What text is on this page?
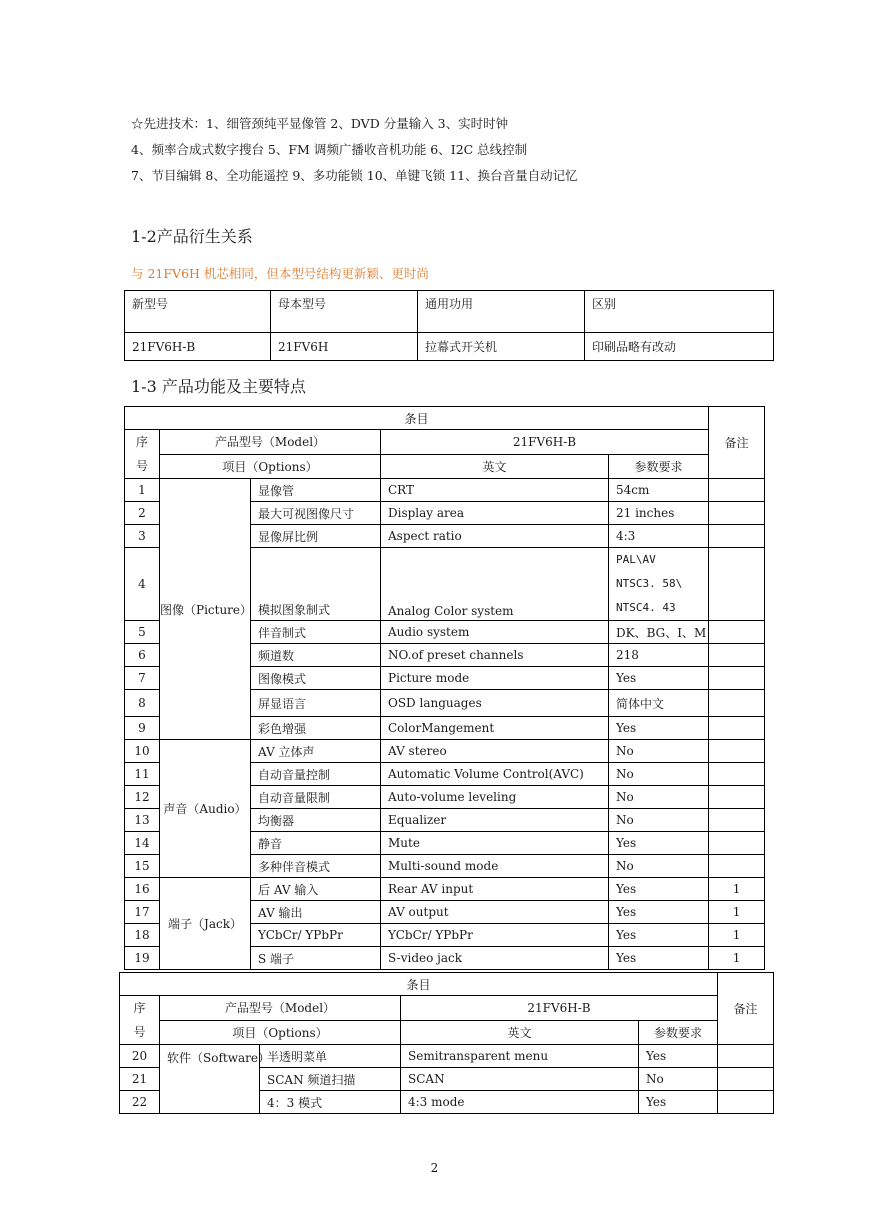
☆先进技术：1、细管颈纯平显像管 2、DVD 分量输入 3、实时时钟
4、频率合成式数字搜台 5、FM 调频广播收音机功能 6、I2C 总线控制
7、节目编辑 8、全功能遥控 9、多功能锁 10、单键飞锁 11、换台音量自动记忆
1-2产品衍生关系
与 21FV6H 机芯相同，但本型号结构更新颖、更时尚
新型号	母本型号	通用功用	区别
21FV6H-B	21FV6H	拉幕式开关机	印刷品略有改动
1-3 产品功能及主要特点
条目					备注

序
号	产品型号（Model）		21FV6H-B		
	项目（Options）		英文	参数要求	
1	图像（Picture）	显像管	CRT	54cm	
2		最大可视图像尺寸	Display area	21 inches	
3		显像屏比例	Aspect ratio	4:3	
4		模拟图象制式	Analog Color system	PAL\AV
NTSC3. 58\
NTSC4. 43	

5		伴音制式	Audio system	DK、BG、I、M	
6		频道数	NO.of preset channels	218	
7		图像模式	Picture mode	Yes	
8		屏显语言	OSD languages	简体中文	
9		彩色增强	ColorMangement	Yes	
10	声音（Audio）	AV 立体声	AV stereo	No	
11		自动音量控制	Automatic Volume Control(AVC)	No	
12		自动音量限制	Auto-volume leveling	No	
13		均衡器	Equalizer	No	
14		静音	Mute	Yes	
15		多种伴音模式	Multi-sound mode	No	
16	端子（Jack）	后 AV 输入	Rear AV input	Yes	1
17		AV 输出	AV output	Yes	1
18		YCbCr/ YPbPr	YCbCr/ YPbPr	Yes	1
19		S 端子	S-video jack	Yes	1
条目					备注

序
号	产品型号（Model）		21FV6H-B		
	项目（Options）		英文	参数要求	
20	软件（Software）	半透明菜单	Semitransparent menu	Yes	
21		SCAN 频道扫描	SCAN	No	
22		4：3 模式	4:3 mode	Yes	
2
